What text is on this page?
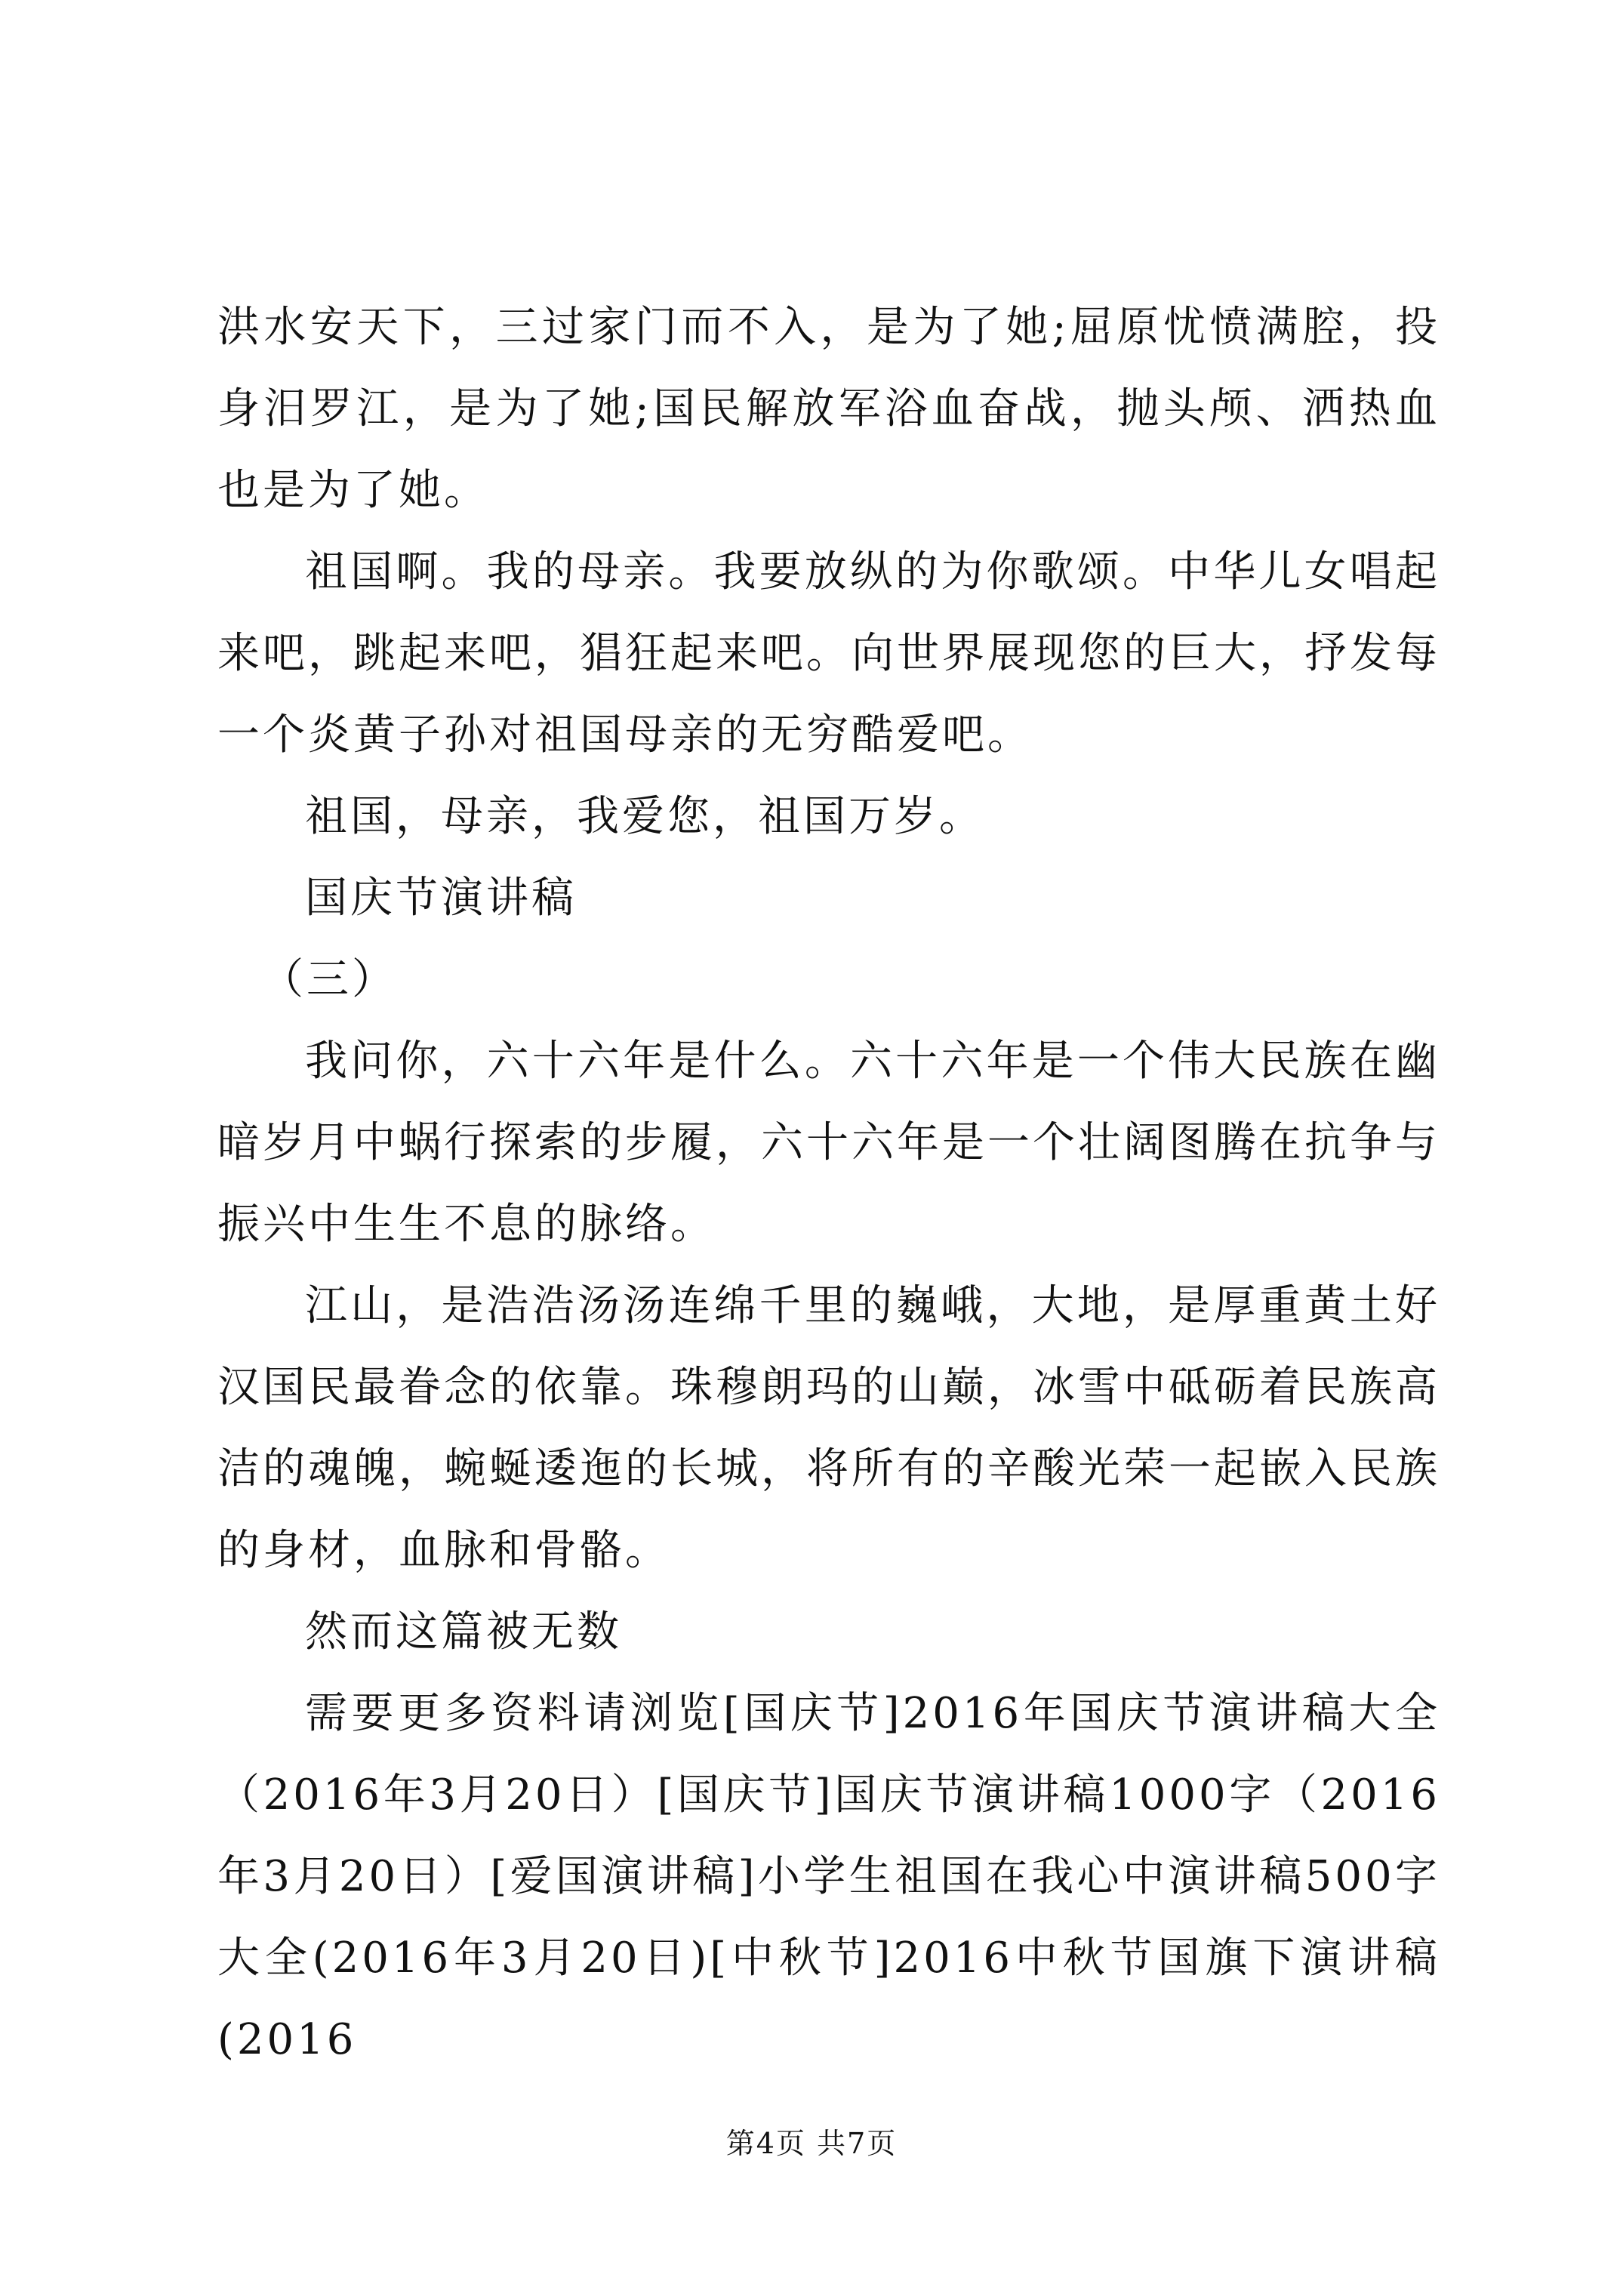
洪水安天下，三过家门而不入，是为了她;屈原忧愤满腔，投身汨罗江，是为了她;国民解放军浴血奋战，抛头颅、洒热血也是为了她。

祖国啊。我的母亲。我要放纵的为你歌颂。中华儿女唱起来吧，跳起来吧，猖狂起来吧。向世界展现您的巨大，抒发每一个炎黄子孙对祖国母亲的无穷酷爱吧。

祖国，母亲，我爱您，祖国万岁。

国庆节演讲稿

（三）

我问你，六十六年是什么。六十六年是一个伟大民族在幽暗岁月中蜗行探索的步履，六十六年是一个壮阔图腾在抗争与振兴中生生不息的脉络。

江山，是浩浩汤汤连绵千里的巍峨，大地，是厚重黄土好汉国民最眷念的依靠。珠穆朗玛的山巅，冰雪中砥砺着民族高洁的魂魄，蜿蜒逶迤的长城，将所有的辛酸光荣一起嵌入民族的身材，血脉和骨骼。

然而这篇被无数

需要更多资料请浏览[国庆节]2016年国庆节演讲稿大全（2016年3月20日）[国庆节]国庆节演讲稿1000字（2016年3月20日）[爱国演讲稿]小学生祖国在我心中演讲稿500字大全(2016年3月20日)[中秋节]2016中秋节国旗下演讲稿(2016

第4页 共7页
